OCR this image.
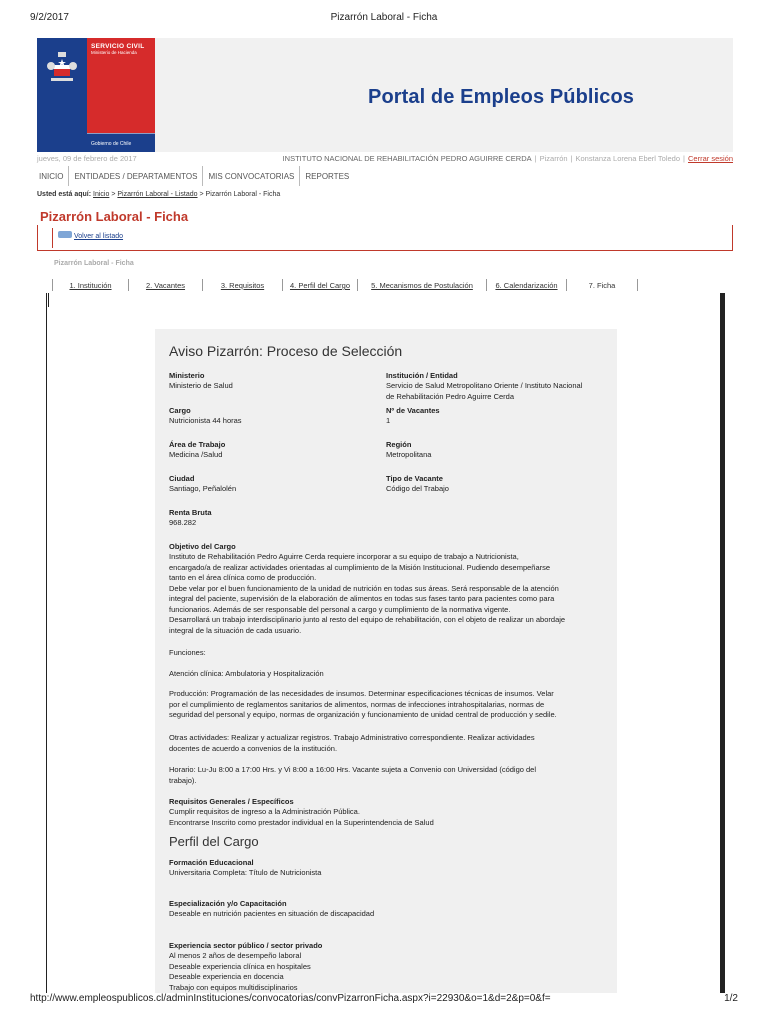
9/2/2017	Pizarrón Laboral - Ficha
SERVICIO CIVIL
Ministerio de Hacienda
Gobierno de Chile
Portal de Empleos Públicos
jueves, 09 de febrero de 2017	INSTITUTO NACIONAL DE REHABILITACIÓN PEDRO AGUIRRE CERDA | Pizarrón | Konstanza Lorena Eberl Toledo | Cerrar sesión
INICIO	ENTIDADES / DEPARTAMENTOS	MIS CONVOCATORIAS	REPORTES
Usted está aquí: Inicio > Pizarrón Laboral - Listado > Pizarrón Laboral - Ficha
Pizarrón Laboral - Ficha
Volver al listado
Pizarrón Laboral - Ficha
1. Institución	2. Vacantes	3. Requisitos	4. Perfil del Cargo	5. Mecanismos de Postulación	6. Calendarización	7. Ficha
Aviso Pizarrón: Proceso de Selección
Ministerio
Ministerio de Salud
Institución / Entidad
Servicio de Salud Metropolitano Oriente / Instituto Nacional
de Rehabilitación Pedro Aguirre Cerda
Cargo
Nutricionista 44 horas
Nº de Vacantes
1
Área de Trabajo
Medicina /Salud
Región
Metropolitana
Ciudad
Santiago, Peñalolén
Tipo de Vacante
Código del Trabajo
Renta Bruta
968.282
Objetivo del Cargo
Instituto de Rehabilitación Pedro Aguirre Cerda requiere incorporar a su equipo de trabajo a Nutricionista,
encargado/a de realizar actividades orientadas al cumplimiento de la Misión Institucional. Pudiendo desempeñarse
tanto en el área clínica como de producción.
Debe velar por el buen funcionamiento de la unidad de nutrición en todas sus áreas. Será responsable de la atención
integral del paciente, supervisión de la elaboración de alimentos en todas sus fases tanto para pacientes como para
funcionarios. Además de ser responsable del personal a cargo y cumplimiento de la normativa vigente.
Desarrollará un trabajo interdisciplinario junto al resto del equipo de rehabilitación, con el objeto de realizar un abordaje
integral de la situación de cada usuario.
Funciones:
Atención clínica: Ambulatoria y Hospitalización
Producción: Programación de las necesidades de insumos. Determinar especificaciones técnicas de insumos. Velar
por el cumplimiento de reglamentos sanitarios de alimentos, normas de infecciones intrahospitalarias, normas de
seguridad del personal y equipo, normas de organización y funcionamiento de unidad central de producción y sedile.
Otras actividades: Realizar y actualizar registros. Trabajo Administrativo correspondiente. Realizar actividades
docentes de acuerdo a convenios de la institución.
Horario: Lu-Ju 8:00 a 17:00 Hrs. y Vi 8:00 a 16:00 Hrs. Vacante sujeta a Convenio con Universidad (código del
trabajo).
Requisitos Generales / Específicos
Cumplir requisitos de ingreso a la Administración Pública.
Encontrarse Inscrito como prestador individual en la Superintendencia de Salud
Perfil del Cargo
Formación Educacional
Universitaria Completa: Título de Nutricionista
Especialización y/o Capacitación
Deseable en nutrición pacientes en situación de discapacidad
Experiencia sector público / sector privado
Al menos 2 años de desempeño laboral
Deseable experiencia clínica en hospitales
Deseable experiencia en docencia
Trabajo con equipos multidisciplinarios
http://www.empleospublicos.cl/adminInstituciones/convocatorias/convPizarronFicha.aspx?i=22930&o=1&d=2&p=0&f=	1/2
